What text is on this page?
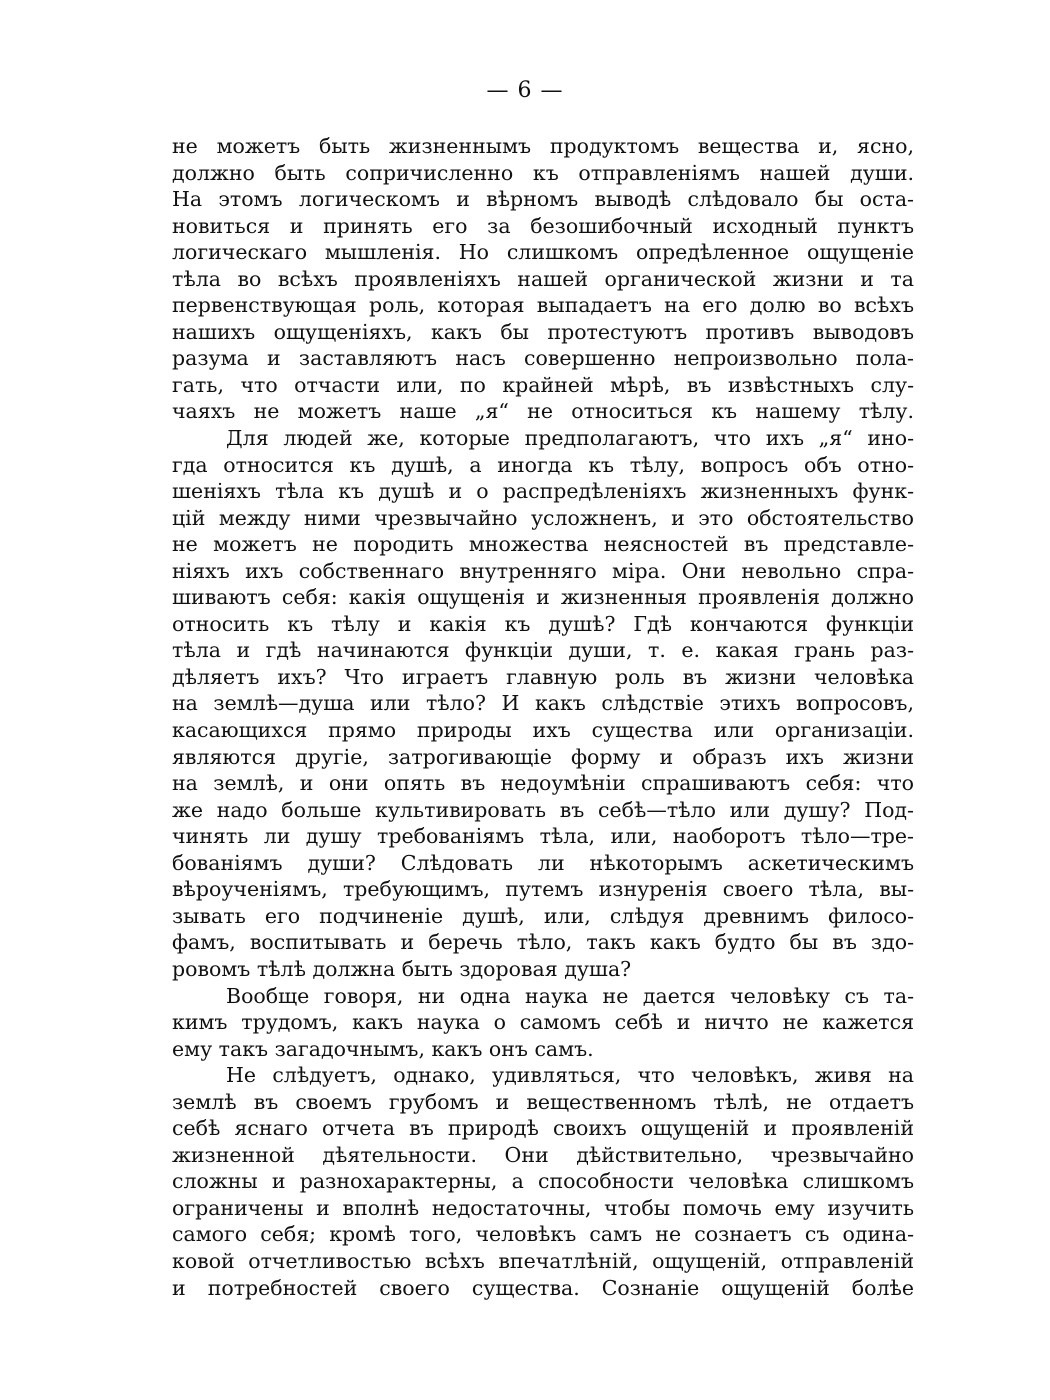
— 6 —
не можетъ быть жизненнымъ продуктомъ вещества и, ясно,
должно быть сопричисленно къ отправленіямъ нашей души.
На этомъ логическомъ и вѣрномъ выводѣ слѣдовало бы оста-
новиться и принять его за безошибочный исходный пунктъ
логическаго мышленія. Но слишкомъ опредѣленное ощущеніе
тѣла во всѣхъ проявленіяхъ нашей органической жизни и та
первенствующая роль, которая выпадаетъ на его долю во всѣхъ
нашихъ ощущеніяхъ, какъ бы протестуютъ противъ выводовъ
разума и заставляютъ насъ совершенно непроизвольно пола-
гать, что отчасти или, по крайней мѣрѣ, въ извѣстныхъ слу-
чаяхъ не можетъ наше „я“ не относиться къ нашему тѣлу.
Для людей же, которые предполагаютъ, что ихъ „я“ ино-
гда относится къ душѣ, а иногда къ тѣлу, вопросъ объ отно-
шеніяхъ тѣла къ душѣ и о распредѣленіяхъ жизненныхъ функ-
цій между ними чрезвычайно усложненъ, и это обстоятельство
не можетъ не породить множества неясностей въ представле-
ніяхъ ихъ собственнаго внутренняго міра. Они невольно спра-
шиваютъ себя: какія ощущенія и жизненныя проявленія должно
относить къ тѣлу и какія къ душѣ? Гдѣ кончаются функціи
тѣла и гдѣ начинаются функціи души, т. е. какая грань раз-
дѣляетъ ихъ? Что играетъ главную роль въ жизни человѣка
на землѣ—душа или тѣло? И какъ слѣдствіе этихъ вопросовъ,
касающихся прямо природы ихъ существа или организаціи.
являются другіе, затрогивающіе форму и образъ ихъ жизни
на землѣ, и они опять въ недоумѣніи спрашиваютъ себя: что
же надо больше культивировать въ себѣ—тѣло или душу? Под-
чинять ли душу требованіямъ тѣла, или, наоборотъ тѣло—тре-
бованіямъ души? Слѣдовать ли нѣкоторымъ аскетическимъ
вѣроученіямъ, требующимъ, путемъ изнуренія своего тѣла, вы-
зывать его подчиненіе душѣ, или, слѣдуя древнимъ филосо-
фамъ, воспитывать и беречь тѣло, такъ какъ будто бы въ здо-
ровомъ тѣлѣ должна быть здоровая душа?
Вообще говоря, ни одна наука не дается человѣку съ та-
кимъ трудомъ, какъ наука о самомъ себѣ и ничто не кажется
ему такъ загадочнымъ, какъ онъ самъ.
Не слѣдуетъ, однако, удивляться, что человѣкъ, живя на
землѣ въ своемъ грубомъ и вещественномъ тѣлѣ, не отдаетъ
себѣ яснаго отчета въ природѣ своихъ ощущеній и проявленій
жизненной дѣятельности. Они дѣйствительно, чрезвычайно
сложны и разнохарактерны, а способности человѣка слишкомъ
ограничены и вполнѣ недостаточны, чтобы помочь ему изучить
самого себя; кромѣ того, человѣкъ самъ не сознаетъ съ одина-
ковой отчетливостью всѣхъ впечатлѣній, ощущеній, отправленій
и потребностей своего существа. Сознаніе ощущеній болѣе
